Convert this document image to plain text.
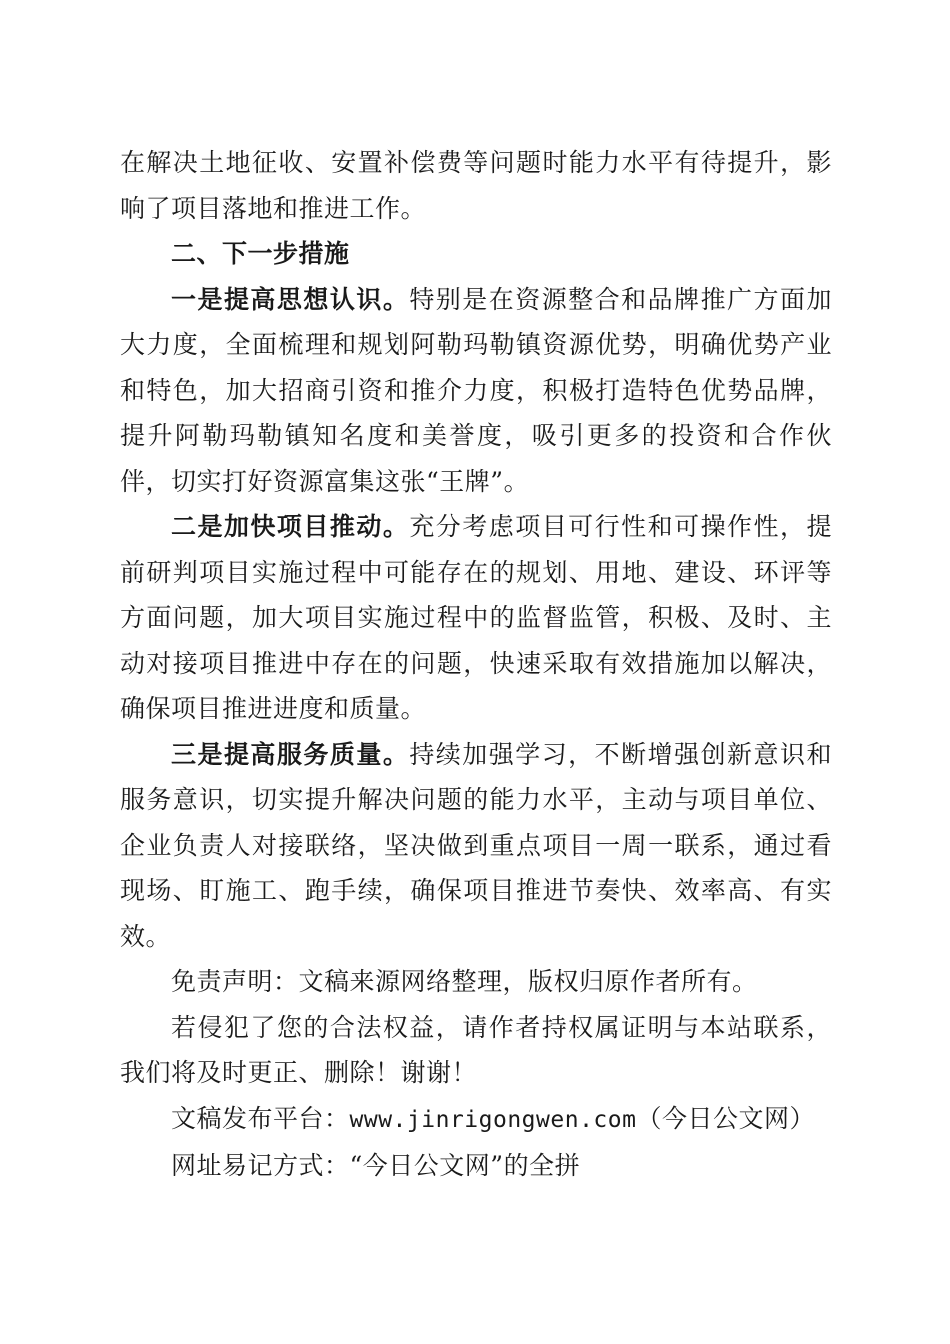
在解决土地征收、安置补偿费等问题时能力水平有待提升，影响了项目落地和推进工作。

二、下一步措施

一是提高思想认识。特别是在资源整合和品牌推广方面加大力度，全面梳理和规划阿勒玛勒镇资源优势，明确优势产业和特色，加大招商引资和推介力度，积极打造特色优势品牌，提升阿勒玛勒镇知名度和美誉度，吸引更多的投资和合作伙伴，切实打好资源富集这张“王牌”。

二是加快项目推动。充分考虑项目可行性和可操作性，提前研判项目实施过程中可能存在的规划、用地、建设、环评等方面问题，加大项目实施过程中的监督监管，积极、及时、主动对接项目推进中存在的问题，快速采取有效措施加以解决，确保项目推进进度和质量。

三是提高服务质量。持续加强学习，不断增强创新意识和服务意识，切实提升解决问题的能力水平，主动与项目单位、企业负责人对接联络，坚决做到重点项目一周一联系，通过看现场、盯施工、跑手续，确保项目推进节奏快、效率高、有实效。

免责声明：文稿来源网络整理，版权归原作者所有。

若侵犯了您的合法权益，请作者持权属证明与本站联系，我们将及时更正、删除！谢谢！

文稿发布平台：www.jinrigongwen.com（今日公文网）

网址易记方式：“今日公文网”的全拼
